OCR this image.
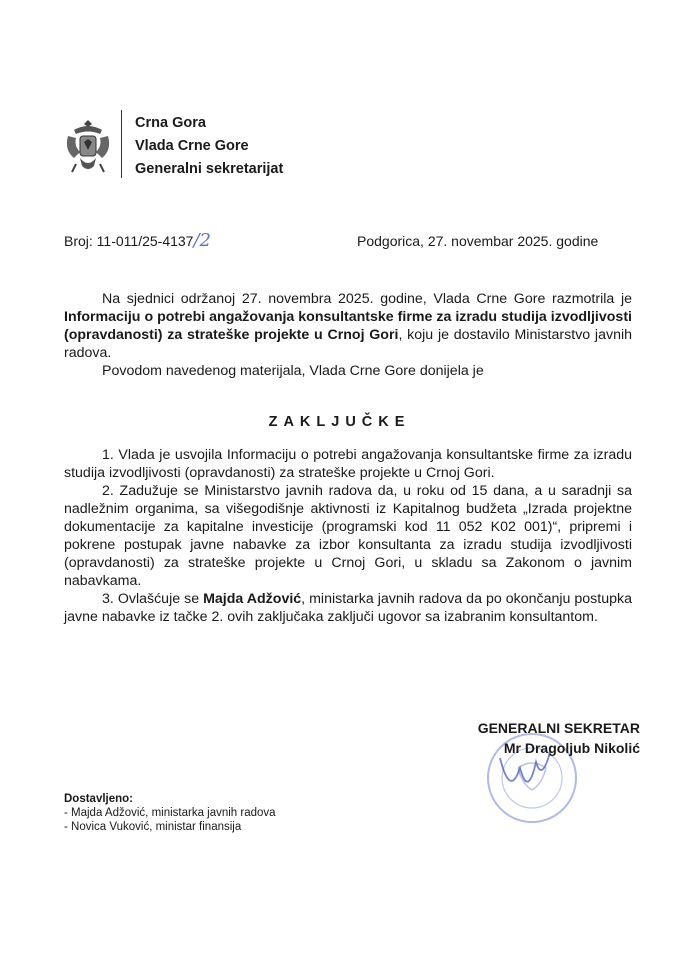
Crna Gora
Vlada Crne Gore
Generalni sekretarijat
Broj: 11-011/25-4137/2	Podgorica, 27. novembar 2025. godine

Na sjednici održanoj 27. novembra 2025. godine, Vlada Crne Gore razmotrila je Informaciju o potrebi angažovanja konsultantske firme za izradu studija izvodljivosti (opravdanosti) za strateške projekte u Crnoj Gori, koju je dostavilo Ministarstvo javnih radova.

Povodom navedenog materijala, Vlada Crne Gore donijela je

ZAKLJUČKE

1. Vlada je usvojila Informaciju o potrebi angažovanja konsultantske firme za izradu studija izvodljivosti (opravdanosti) za strateške projekte u Crnoj Gori.

2. Zadužuje se Ministarstvo javnih radova da, u roku od 15 dana, a u saradnji sa nadležnim organima, sa višegodišnje aktivnosti iz Kapitalnog budžeta „Izrada projektne dokumentacije za kapitalne investicije (programski kod 11 052 K02 001)“, pripremi i pokrene postupak javne nabavke za izbor konsultanta za izradu studija izvodljivosti (opravdanosti) za strateške projekte u Crnoj Gori, u skladu sa Zakonom o javnim nabavkama.

3. Ovlašćuje se Majda Adžović, ministarka javnih radova da po okončanju postupka javne nabavke iz tačke 2. ovih zaključaka zaključi ugovor sa izabranim konsultantom.

GENERALNI SEKRETAR
Mr Dragoljub Nikolić
Dostavljeno:
- Majda Adžović, ministarka javnih radova
- Novica Vuković, ministar finansija
